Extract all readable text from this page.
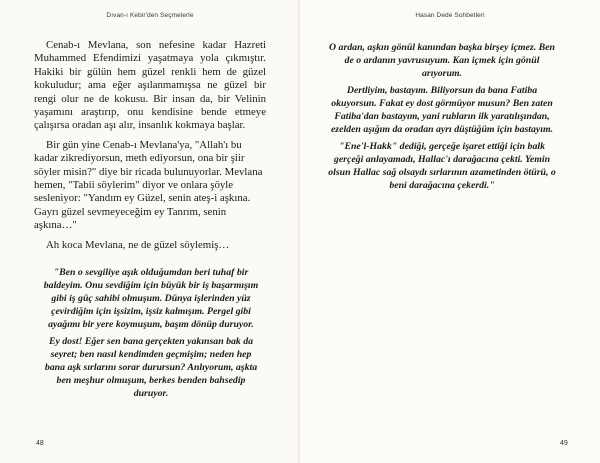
Dıvan-ı Kebir'den Seçmelerle

Cenab-ı Mevlana, son nefesine kadar Hazreti Muhammed Efendimizi yaşatmaya yola çıkmıştır. Hakiki bir gülün hem güzel renkli hem de güzel kokuludur; ama eğer aşılanmamışsa ne güzel bir rengi olur ne de kokusu. Bir insan da, bir Velinin yaşamını araştırıp, onu kendisine bende etmeye çalışırsa oradan aşı alır, insanlık kokmaya başlar.

Bir gün yine Cenab-ı Mevlana'ya, "Allah'ı bu kadar zikrediyorsun, meth ediyorsun, ona bir şiir söyler misin?" diye bir ricada bulunuyorlar. Mevlana hemen, "Tabii söylerim" diyor ve onlara şöyle sesleniyor: "Yandım ey Güzel, senin ateş-i aşkına. Gayrı güzel sevmeyeceğim ey Tanrım, senin aşkına…"

Ah koca Mevlana, ne de güzel söylemiş…

"Ben o sevgiliye aşık olduğumdan beri tuhaf bir baldeyim. Onu sevdiğim için büyük bir iş başarmışım gibi iş güç sahibi olmuşum. Dünya işlerinden yüz çevirdiğim için işsizim, işsiz kalmışım. Pergel gibi ayağımı bir yere koymuşum, başım dönüp duruyor.

Ey dost! Eğer sen bana gerçekten yakınsan bak da seyret; ben nasıl kendimden geçmişim; neden hep bana aşk sırlarını sorar durursun? Anlıyorum, aşkta ben meşhur olmuşum, berkes benden bahsedip duruyor.

48
Hasan Dede Sohbetleri

O ardan, aşkın gönül kanından başka birşey içmez. Ben de o ardanın yavrusuyum. Kan içmek için gönül arıyorum.

Dertliyim, bastayım. Biliyorsun da bana Fatiba okuyorsun. Fakat ey dost görmüyor musun? Ben zaten Fatiba'dan bastayım, yani rubların ilk yaratılışından, ezelden aşığım da oradan ayrı düştüğüm için bastayım.

"Ene'l-Hakk" dediği, gerçeğe işaret ettiği için balk gerçeği anlayamadı, Hallac'ı darağacına çekti. Yemin olsun Hallac sağ olsaydı sırlarının azametinden ötürü, o beni darağacına çekerdi."

49
